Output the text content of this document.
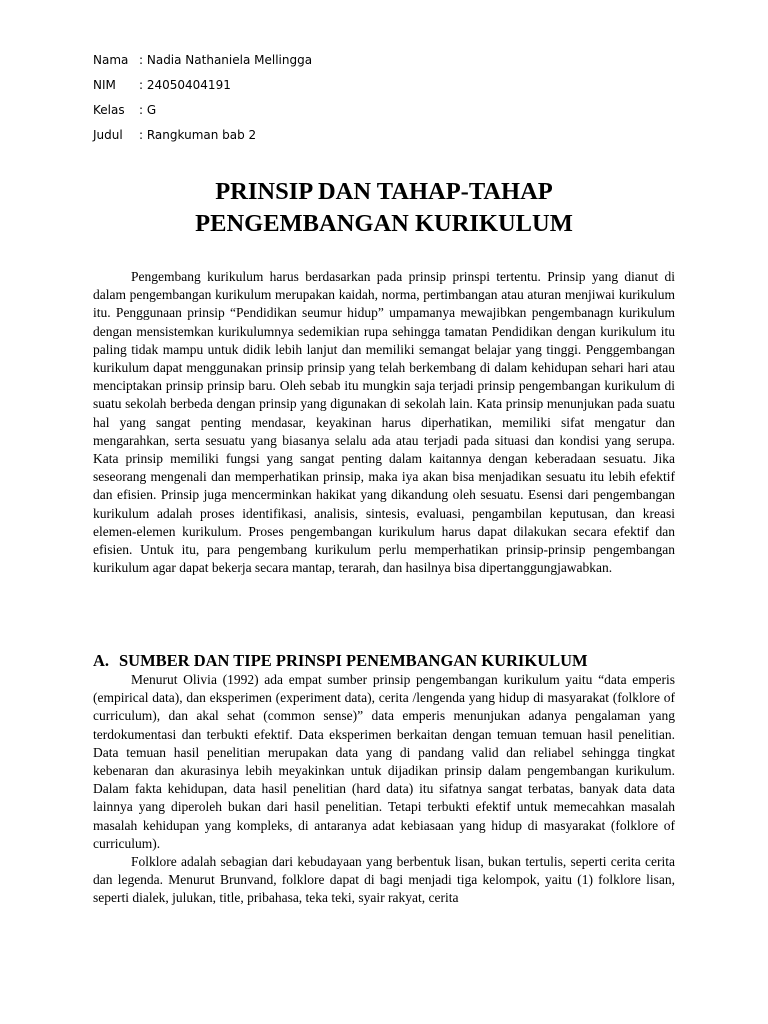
Nama : Nadia Nathaniela Mellingga
NIM : 24050404191
Kelas : G
Judul : Rangkuman bab 2
PRINSIP DAN TAHAP-TAHAP
PENGEMBANGAN KURIKULUM

Pengembang kurikulum harus berdasarkan pada prinsip prinspi tertentu. Prinsip yang dianut di dalam pengembangan kurikulum merupakan kaidah, norma, pertimbangan atau aturan menjiwai kurikulum itu. Penggunaan prinsip “Pendidikan seumur hidup” umpamanya mewajibkan pengembanagn kurikulum dengan mensistemkan kurikulumnya sedemikian rupa sehingga tamatan Pendidikan dengan kurikulum itu paling tidak mampu untuk didik lebih lanjut dan memiliki semangat belajar yang tinggi. Penggembangan kurikulum dapat menggunakan prinsip prinsip yang telah berkembang di dalam kehidupan sehari hari atau menciptakan prinsip prinsip baru. Oleh sebab itu mungkin saja terjadi prinsip pengembangan kurikulum di suatu sekolah berbeda dengan prinsip yang digunakan di sekolah lain. Kata prinsip menunjukan pada suatu hal yang sangat penting mendasar, keyakinan harus diperhatikan, memiliki sifat mengatur dan mengarahkan, serta sesuatu yang biasanya selalu ada atau terjadi pada situasi dan kondisi yang serupa. Kata prinsip memiliki fungsi yang sangat penting dalam kaitannya dengan keberadaan sesuatu. Jika seseorang mengenali dan memperhatikan prinsip, maka iya akan bisa menjadikan sesuatu itu lebih efektif dan efisien. Prinsip juga mencerminkan hakikat yang dikandung oleh sesuatu. Esensi dari pengembangan kurikulum adalah proses identifikasi, analisis, sintesis, evaluasi, pengambilan keputusan, dan kreasi elemen-elemen kurikulum. Proses pengembangan kurikulum harus dapat dilakukan secara efektif dan efisien. Untuk itu, para pengembang kurikulum perlu memperhatikan prinsip-prinsip pengembangan kurikulum agar dapat bekerja secara mantap, terarah, dan hasilnya bisa dipertanggungjawabkan.

A. SUMBER DAN TIPE PRINSPI PENEMBANGAN KURIKULUM

Menurut Olivia (1992) ada empat sumber prinsip pengembangan kurikulum yaitu “data emperis (empirical data), dan eksperimen (experiment data), cerita /lengenda yang hidup di masyarakat (folklore of curriculum), dan akal sehat (common sense)” data emperis menunjukan adanya pengalaman yang terdokumentasi dan terbukti efektif. Data eksperimen berkaitan dengan temuan temuan hasil penelitian. Data temuan hasil penelitian merupakan data yang di pandang valid dan reliabel sehingga tingkat kebenaran dan akurasinya lebih meyakinkan untuk dijadikan prinsip dalam pengembangan kurikulum. Dalam fakta kehidupan, data hasil penelitian (hard data) itu sifatnya sangat terbatas, banyak data data lainnya yang diperoleh bukan dari hasil penelitian. Tetapi terbukti efektif untuk memecahkan masalah masalah kehidupan yang kompleks, di antaranya adat kebiasaan yang hidup di masyarakat (folklore of curriculum).

Folklore adalah sebagian dari kebudayaan yang berbentuk lisan, bukan tertulis, seperti cerita cerita dan legenda. Menurut Brunvand, folklore dapat di bagi menjadi tiga kelompok, yaitu (1) folklore lisan, seperti dialek, julukan, title, pribahasa, teka teki, syair rakyat, cerita
